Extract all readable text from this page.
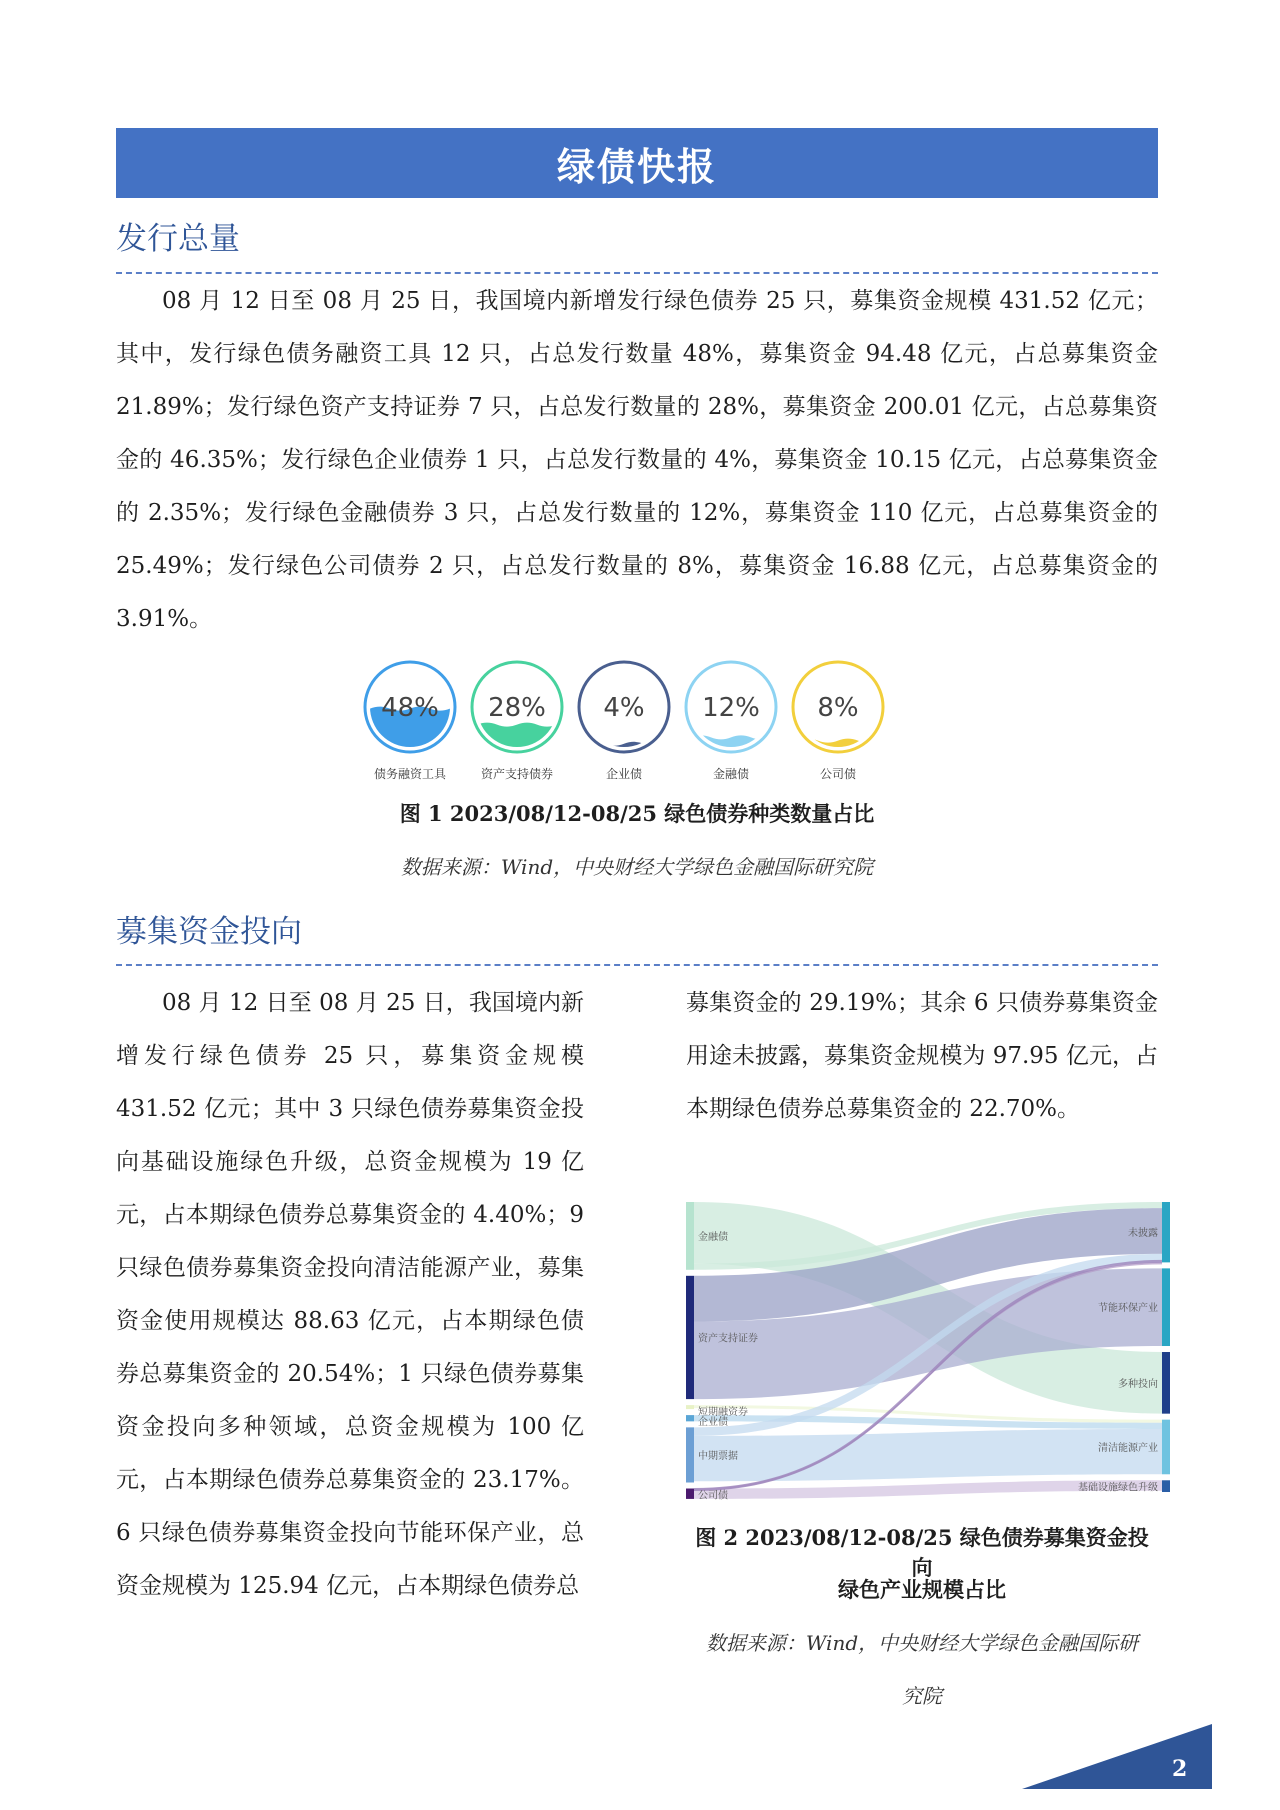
绿债快报
发行总量

08 月 12 日至 08 月 25 日，我国境内新增发行绿色债券 25 只，募集资金规模 431.52 亿元；其中，发行绿色债务融资工具 12 只，占总发行数量 48%，募集资金 94.48 亿元，占总募集资金 21.89%；发行绿色资产支持证券 7 只，占总发行数量的 28%，募集资金 200.01 亿元，占总募集资金的 46.35%；发行绿色企业债券 1 只，占总发行数量的 4%，募集资金 10.15 亿元，占总募集资金的 2.35%；发行绿色金融债券 3 只，占总发行数量的 12%，募集资金 110 亿元，占总募集资金的 25.49%；发行绿色公司债券 2 只，占总发行数量的 8%，募集资金 16.88 亿元，占总募集资金的 3.91%。

48%
债务融资工具
28%
资产支持债券
4%
企业债
12%
金融债
8%
公司债
图 1 2023/08/12-08/25 绿色债券种类数量占比
数据来源：Wind，中央财经大学绿色金融国际研究院
募集资金投向

08 月 12 日至 08 月 25 日，我国境内新增发行绿色债券 25 只，募集资金规模 431.52 亿元；其中 3 只绿色债券募集资金投向基础设施绿色升级，总资金规模为 19 亿元，占本期绿色债券总募集资金的 4.40%；9 只绿色债券募集资金投向清洁能源产业，募集资金使用规模达 88.63 亿元，占本期绿色债券总募集资金的 20.54%；1 只绿色债券募集资金投向多种领域，总资金规模为 100 亿元，占本期绿色债券总募集资金的 23.17%。6 只绿色债券募集资金投向节能环保产业，总资金规模为 125.94 亿元，占本期绿色债券总

募集资金的 29.19%；其余 6 只债券募集资金用途未披露，募集资金规模为 97.95 亿元，占本期绿色债券总募集资金的 22.70%。

金融债
资产支持证券
短期融资券
企业债
中期票据
公司债
未披露
节能环保产业
多种投向
清洁能源产业
基础设施绿色升级
图 2 2023/08/12-08/25 绿色债券募集资金投向
绿色产业规模占比
数据来源：Wind，中央财经大学绿色金融国际研
究院
2
